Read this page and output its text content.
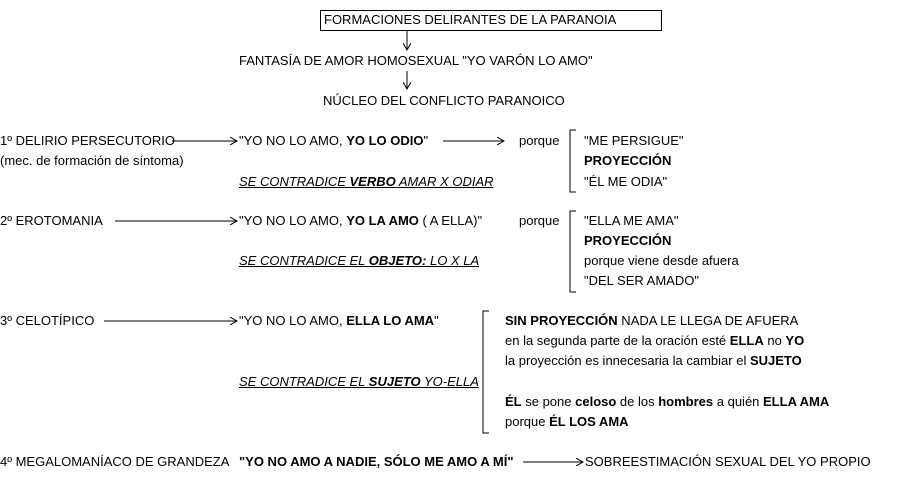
FORMACIONES DELIRANTES DE LA PARANOIA
FANTASÍA DE AMOR HOMOSEXUAL "YO VARÓN LO AMO"
NÚCLEO DEL CONFLICTO PARANOICO
1º DELIRIO PERSECUTORIO
(mec. de formación de síntoma)
"YO NO LO AMO, YO LO ODIO"	porque
SE CONTRADICE VERBO AMAR X ODIAR
"ME PERSIGUE"
PROYECCIÓN
"ÉL ME ODIA"
2º EROTOMANIA	"YO NO LO AMO, YO LA AMO ( A ELLA)"	porque
SE CONTRADICE EL OBJETO: LO X LA
"ELLA ME AMA"
PROYECCIÓN
porque viene desde afuera
"DEL SER AMADO"
3º CELOTÍPICO	"YO NO LO AMO, ELLA LO AMA"
SE CONTRADICE EL SUJETO YO-ELLA
SIN PROYECCIÓN NADA LE LLEGA DE AFUERA
en la segunda parte de la oración esté ELLA no YO
la proyección es innecesaria la cambiar el SUJETO
ÉL se pone celoso de los hombres a quién ELLA AMA
porque ÉL LOS AMA
4º MEGALOMANÍACO DE GRANDEZA "YO NO AMO A NADIE, SÓLO ME AMO A MÍ"	SOBREESTIMACIÓN SEXUAL DEL YO PROPIO
